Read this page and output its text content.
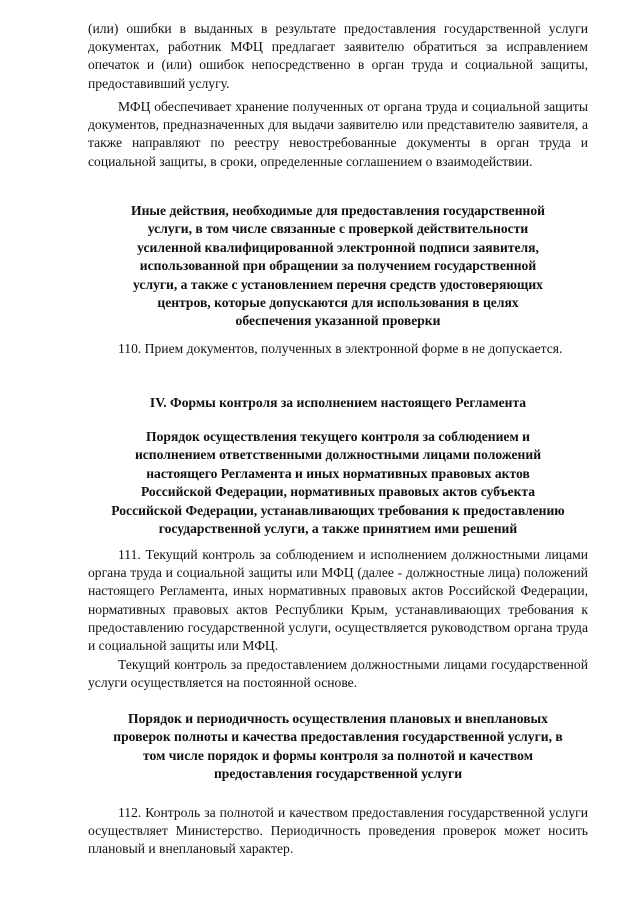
(или) ошибки в выданных в результате предоставления государственной услуги документах, работник МФЦ предлагает заявителю обратиться за исправлением опечаток и (или) ошибок непосредственно в орган труда и социальной защиты, предоставивший услугу.

МФЦ обеспечивает хранение полученных от органа труда и социальной защиты документов, предназначенных для выдачи заявителю или представителю заявителя, а также направляют по реестру невостребованные документы в орган труда и социальной защиты, в сроки, определенные соглашением о взаимодействии.

Иные действия, необходимые для предоставления государственной
услуги, в том числе связанные с проверкой действительности
усиленной квалифицированной электронной подписи заявителя,
использованной при обращении за получением государственной
услуги, а также с установлением перечня средств удостоверяющих
центров, которые допускаются для использования в целях
обеспечения указанной проверки

110. Прием документов, полученных в электронной форме в не допускается.

IV. Формы контроля за исполнением настоящего Регламента
Порядок осуществления текущего контроля за соблюдением и
исполнением ответственными должностными лицами положений
настоящего Регламента и иных нормативных правовых актов
Российской Федерации, нормативных правовых актов субъекта
Российской Федерации, устанавливающих требования к предоставлению
государственной услуги, а также принятием ими решений

111. Текущий контроль за соблюдением и исполнением должностными лицами органа труда и социальной защиты или МФЦ (далее - должностные лица) положений настоящего Регламента, иных нормативных правовых актов Российской Федерации, нормативных правовых актов Республики Крым, устанавливающих требования к предоставлению государственной услуги, осуществляется руководством органа труда и социальной защиты или МФЦ.

Текущий контроль за предоставлением должностными лицами государственной услуги осуществляется на постоянной основе.

Порядок и периодичность осуществления плановых и внеплановых
проверок полноты и качества предоставления государственной услуги, в
том числе порядок и формы контроля за полнотой и качеством
предоставления государственной услуги

112. Контроль за полнотой и качеством предоставления государственной услуги осуществляет Министерство. Периодичность проведения проверок может носить плановый и внеплановый характер.
